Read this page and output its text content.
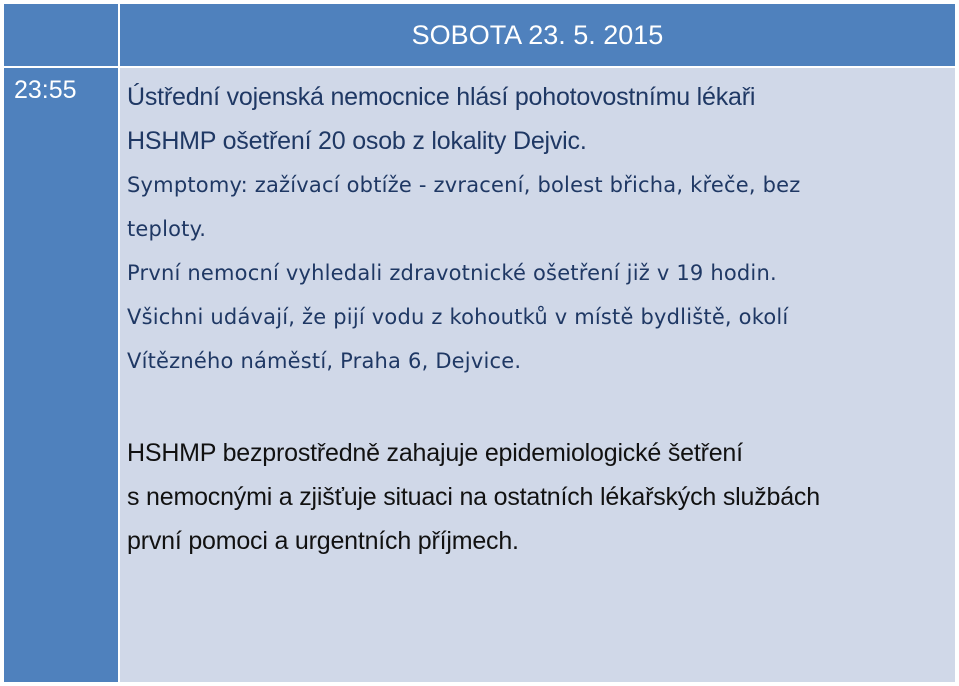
SOBOTA 23. 5. 2015
23:55	Ústřední vojenská nemocnice hlásí pohotovostnímu lékaři
HSHMP ošetření 20 osob z lokality Dejvic.
Symptomy: zažívací obtíže - zvracení, bolest břicha, křeče, bez
teploty.
První nemocní vyhledali zdravotnické ošetření již v 19 hodin.
Všichni udávají, že pijí vodu z kohoutků v místě bydliště, okolí
Vítězného náměstí, Praha 6, Dejvice.
HSHMP bezprostředně zahajuje epidemiologické šetření
s nemocnými a zjišťuje situaci na ostatních lékařských službách
první pomoci a urgentních příjmech.
